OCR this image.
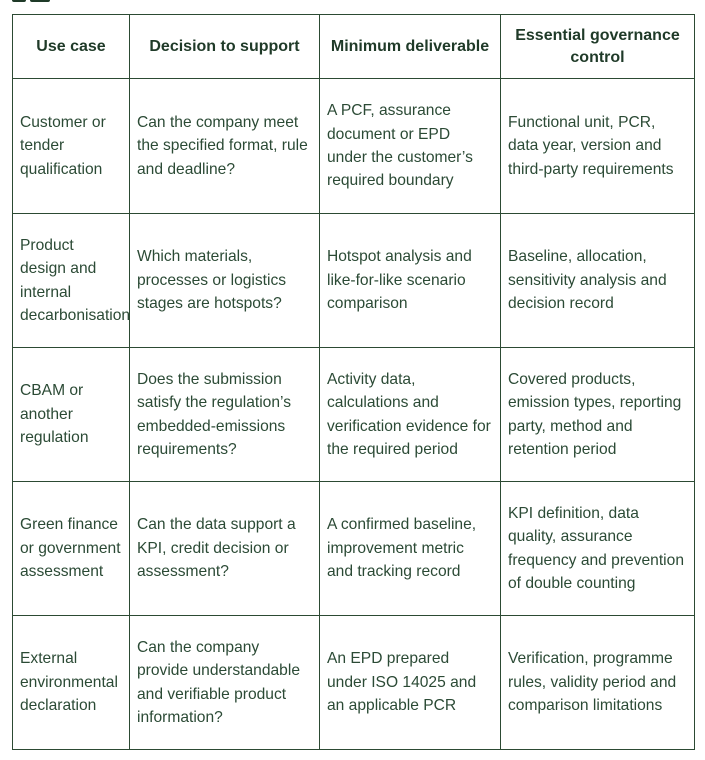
Use case	Decision to support	Minimum deliverable	Essential governance control
Customer or tender qualification	Can the company meet the specified format, rule and deadline?	A PCF, assurance document or EPD under the customer’s required boundary	Functional unit, PCR, data year, version and third-party requirements
Product design and internal decarbonisation	Which materials, processes or logistics stages are hotspots?	Hotspot analysis and like-for-like scenario comparison	Baseline, allocation, sensitivity analysis and decision record
CBAM or another regulation	Does the submission satisfy the regulation’s embedded-emissions requirements?	Activity data, calculations and verification evidence for the required period	Covered products, emission types, reporting party, method and retention period
Green finance or government assessment	Can the data support a KPI, credit decision or assessment?	A confirmed baseline, improvement metric and tracking record	KPI definition, data quality, assurance frequency and prevention of double counting
External environmental declaration	Can the company provide understandable and verifiable product information?	An EPD prepared under ISO 14025 and an applicable PCR	Verification, programme rules, validity period and comparison limitations
